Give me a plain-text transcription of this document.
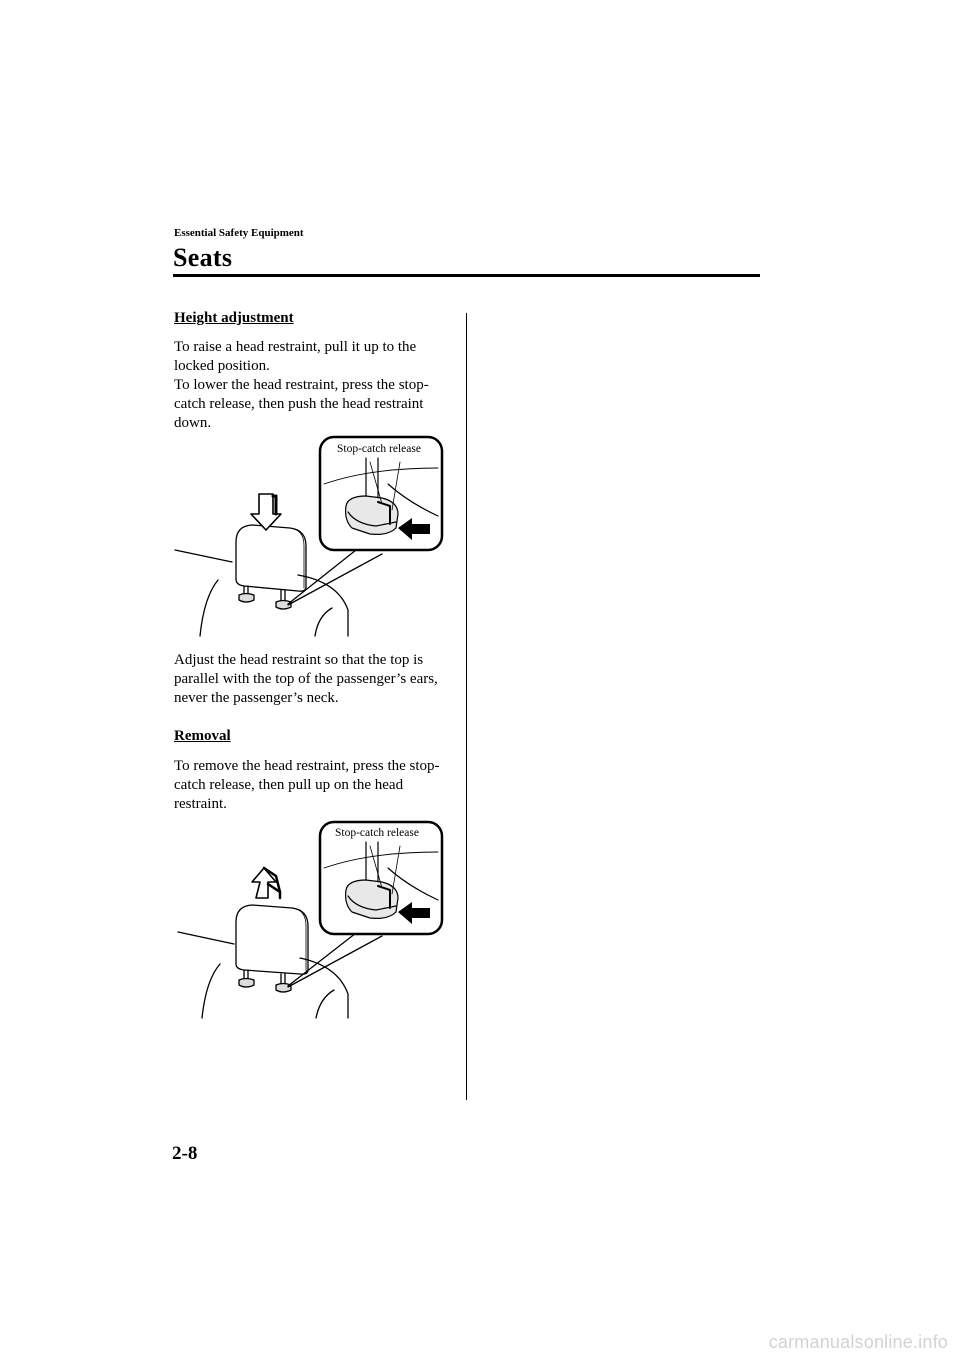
Essential Safety Equipment
Seats
Height adjustment
To raise a head restraint, pull it up to the locked position.
To lower the head restraint, press the stop-catch release, then push the head restraint down.
Stop-catch release
Adjust the head restraint so that the top is parallel with the top of the passenger’s ears, never the passenger’s neck.
Removal
To remove the head restraint, press the stop-catch release, then pull up on the head restraint.
Stop-catch release
2-8
carmanualsonline.info
